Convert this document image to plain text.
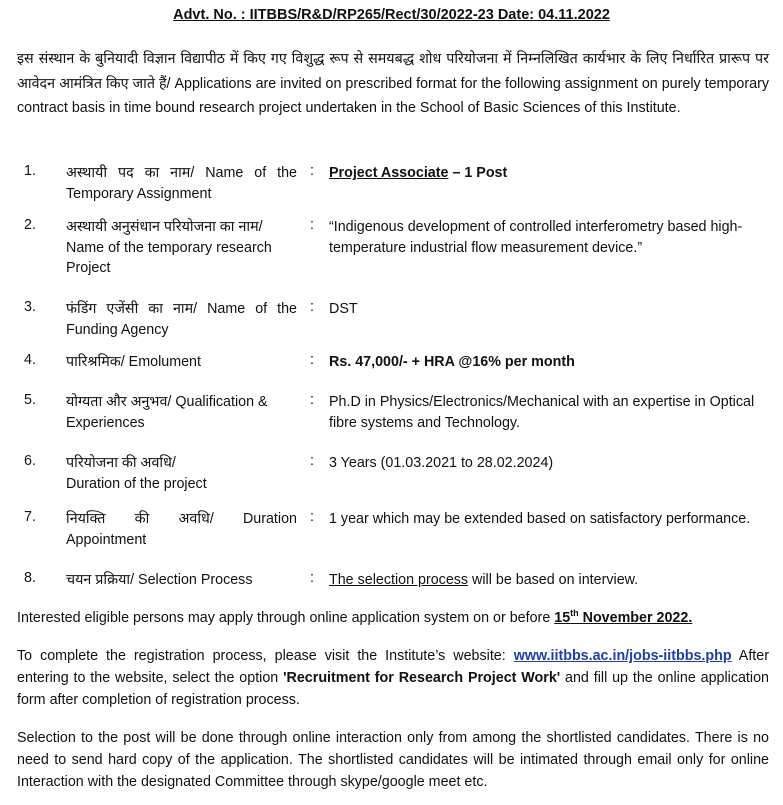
Advt. No. : IITBBS/R&D/RP265/Rect/30/2022-23 Date: 04.11.2022
इस संस्थान के बुनियादी विज्ञान विद्यापीठ में किए गए विशुद्ध रूप से समयबद्ध शोध परियोजना में निम्नलिखित कार्यभार के लिए निर्धारित प्रारूप पर आवेदन आमंत्रित किए जाते हैं/ Applications are invited on prescribed format for the following assignment on purely temporary contract basis in time bound research project undertaken in the School of Basic Sciences of this Institute.
1. अस्थायी पद का नाम/ Name of the
Temporary Assignment
: Project Associate – 1 Post
2. अस्थायी अनुसंधान परियोजना का नाम/
Name of the temporary research
Project
: “Indigenous development of controlled interferometry based high-temperature industrial flow measurement device.”
3. फंडिंग एजेंसी का नाम/ Name of the
Funding Agency
: DST
4. पारिश्रमिक/ Emolument	: Rs. 47,000/- + HRA @16% per month
5. योग्यता और अनुभव/ Qualification &
Experiences
: Ph.D in Physics/Electronics/Mechanical with an expertise in Optical fibre systems and Technology.
6. परियोजना की अवधि/
Duration of the project
: 3 Years (01.03.2021 to 28.02.2024)
7. नियक्ति की अवधि/ Duration
Appointment
: 1 year which may be extended based on satisfactory performance.
8. चयन प्रक्रिया/ Selection Process	: The selection process will be based on interview.
Interested eligible persons may apply through online application system on or before 15th November 2022.
To complete the registration process, please visit the Institute’s website: www.iitbbs.ac.in/jobs-iitbbs.php After entering to the website, select the option 'Recruitment for Research Project Work' and fill up the online application form after completion of registration process.
Selection to the post will be done through online interaction only from among the shortlisted candidates. There is no need to send hard copy of the application. The shortlisted candidates will be intimated through email only for online Interaction with the designated Committee through skype/google meet etc.
